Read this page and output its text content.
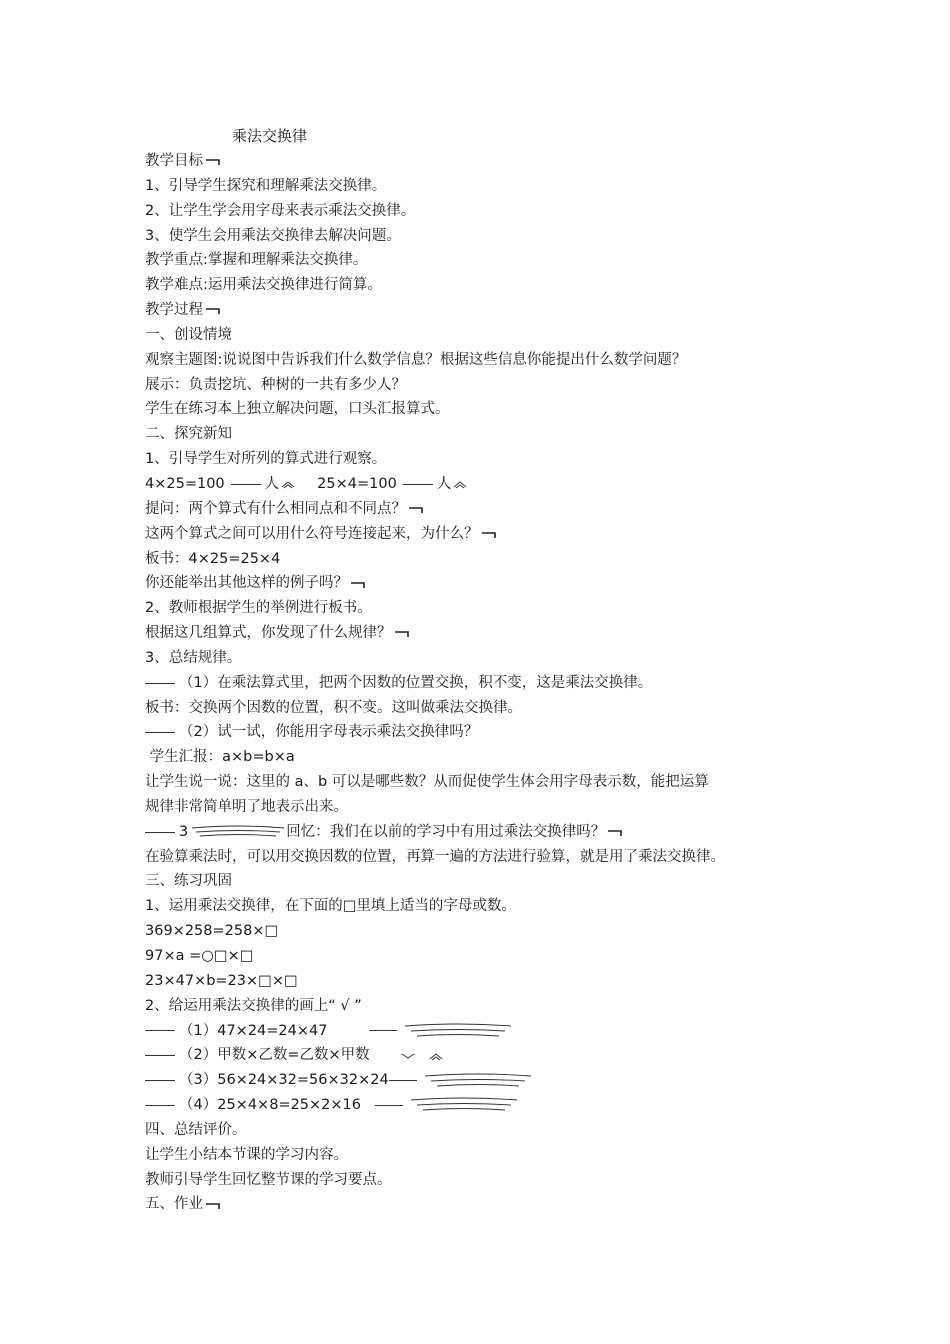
乘法交换律
教学目标
1、引导学生探究和理解乘法交换律。
2、让学生学会用字母来表示乘法交换律。
3、使学生会用乘法交换律去解决问题。
教学重点:掌握和理解乘法交换律。
教学难点:运用乘法交换律进行简算。
教学过程
一、创设情境
观察主题图:说说图中告诉我们什么数学信息？根据这些信息你能提出什么数学问题？
展示：负责挖坑、种树的一共有多少人？
学生在练习本上独立解决问题，口头汇报算式。
二、探究新知
1、引导学生对所列的算式进行观察。
4×25=100	人	25×4=100	人
提问：两个算式有什么相同点和不同点？
这两个算式之间可以用什么符号连接起来，为什么？
板书：4×25=25×4
你还能举出其他这样的例子吗？
2、教师根据学生的举例进行板书。
根据这几组算式，你发现了什么规律？
3、总结规律。
（1）在乘法算式里，把两个因数的位置交换，积不变，这是乘法交换律。
板书：交换两个因数的位置，积不变。这叫做乘法交换律。
（2）试一试，你能用字母表示乘法交换律吗？
学生汇报：a×b=b×a
让学生说一说：这里的 a、b 可以是哪些数？从而促使学生体会用字母表示数，能把运算
规律非常简单明了地表示出来。
3	回忆：我们在以前的学习中有用过乘法交换律吗？
在验算乘法时，可以用交换因数的位置，再算一遍的方法进行验算，就是用了乘法交换律。
三、练习巩固
1、运用乘法交换律，在下面的□里填上适当的字母或数。
369×258=258×□
97×a =○□×□
23×47×b=23×□×□
2、给运用乘法交换律的画上“ √ ”
（1）47×24=24×47
（2）甲数×乙数=乙数×甲数
（3）56×24×32=56×32×24
（4）25×4×8=25×2×16
四、总结评价。
让学生小结本节课的学习内容。
教师引导学生回忆整节课的学习要点。
五、作业
